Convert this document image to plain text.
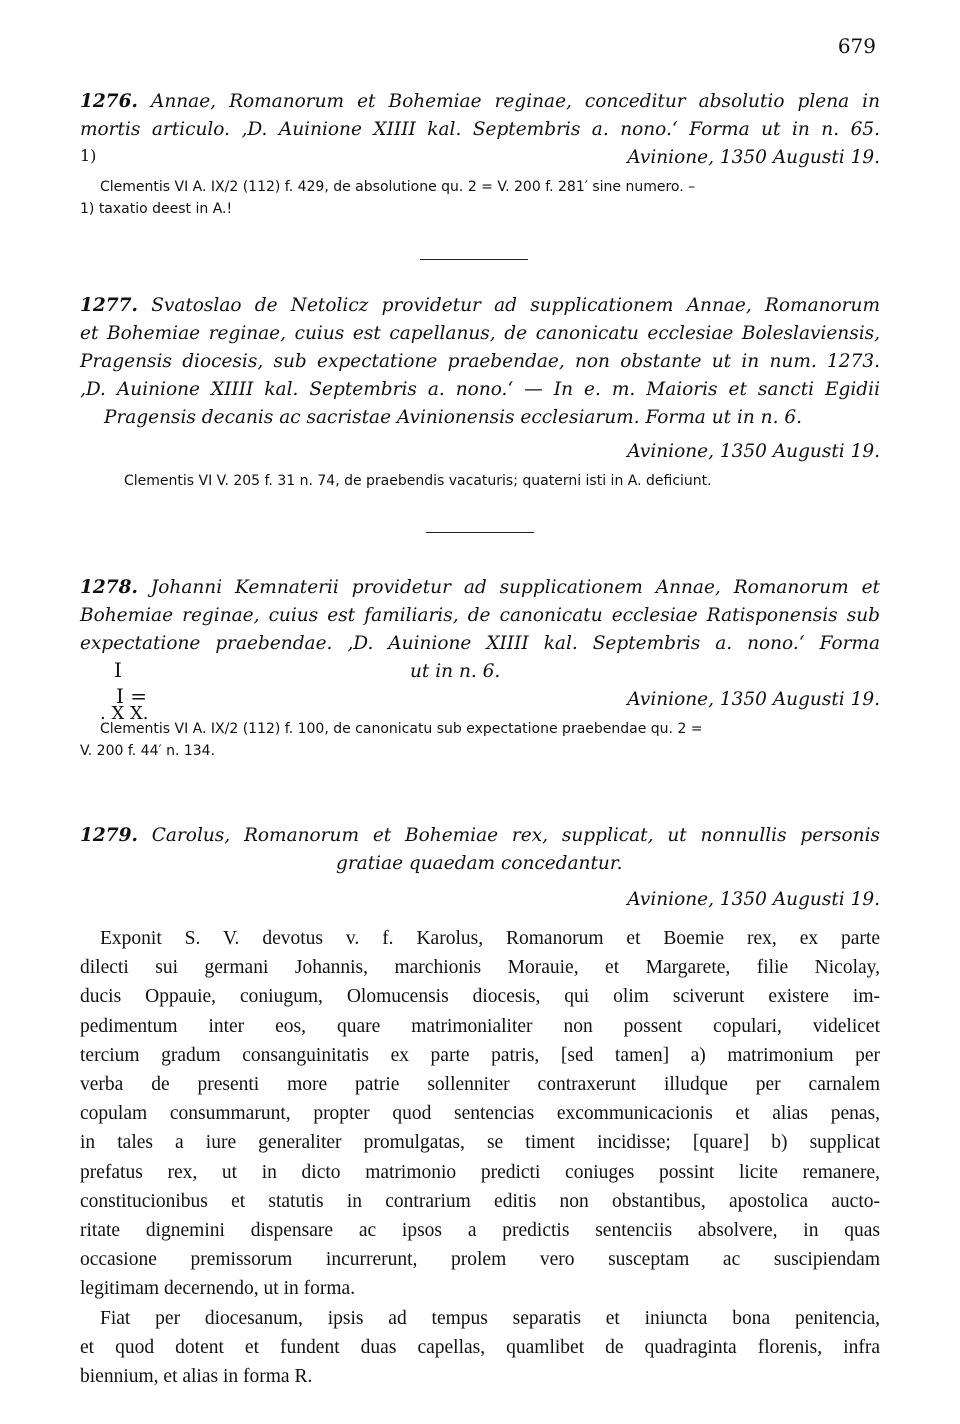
679
1276. Annae, Romanorum et Bohemiae reginae, conceditur absolutio plena in
mortis articulo. ‚D. Auinione XIIII kal. Septembris a. nono.‘ Forma ut in n. 65.
1)	Avinione, 1350 Augusti 19.
Clementis VI A. IX/2 (112) f. 429, de absolutione qu. 2 = V. 200 f. 281′ sine numero. –
1) taxatio deest in A.!
1277. Svatoslao de Netolicz providetur ad supplicationem Annae, Romanorum
et Bohemiae reginae, cuius est capellanus, de canonicatu ecclesiae Boleslaviensis,
Pragensis diocesis, sub expectatione praebendae, non obstante ut in num. 1273.
‚D. Auinione XIIII kal. Septembris a. nono.‘ — In e. m. Maioris et sancti Egidii
Pragensis decanis ac sacristae Avinionensis ecclesiarum. Forma ut in n. 6.
Avinione, 1350 Augusti 19.
Clementis VI V. 205 f. 31 n. 74, de praebendis vacaturis; quaterni isti in A. deficiunt.
1278. Johanni Kemnaterii providetur ad supplicationem Annae, Romanorum et
Bohemiae reginae, cuius est familiaris, de canonicatu ecclesiae Ratisponensis sub
expectatione praebendae. ‚D. Auinione XIIII kal. Septembris a. nono.‘ Forma
ut in n. 6.
Avinione, 1350 Augusti 19.
Clementis VI A. IX/2 (112) f. 100, de canonicatu sub expectatione praebendae qu. 2 =
V. 200 f. 44′ n. 134.
I
I =
. X X.
1279. Carolus, Romanorum et Bohemiae rex, supplicat, ut nonnullis personis
gratiae quaedam concedantur.
Avinione, 1350 Augusti 19.
Exponit S. V. devotus v. f. Karolus, Romanorum et Boemie rex, ex parte
dilecti sui germani Johannis, marchionis Morauie, et Margarete, filie Nicolay,
ducis Oppauie, coniugum, Olomucensis diocesis, qui olim sciverunt existere im-
pedimentum inter eos, quare matrimonialiter non possent copulari, videlicet
tercium gradum consanguinitatis ex parte patris, [sed tamen] a) matrimonium per
verba de presenti more patrie sollenniter contraxerunt illudque per carnalem
copulam consummarunt, propter quod sentencias excommunicacionis et alias penas,
in tales a iure generaliter promulgatas, se timent incidisse; [quare] b) supplicat
prefatus rex, ut in dicto matrimonio predicti coniuges possint licite remanere,
constitucionibus et statutis in contrarium editis non obstantibus, apostolica aucto-
ritate dignemini dispensare ac ipsos a predictis sentenciis absolvere, in quas
occasione premissorum incurrerunt, prolem vero susceptam ac suscipiendam
legitimam decernendo, ut in forma.
Fiat per diocesanum, ipsis ad tempus separatis et iniuncta bona penitencia,
et quod dotent et fundent duas capellas, quamlibet de quadraginta florenis, infra
biennium, et alias in forma R.
